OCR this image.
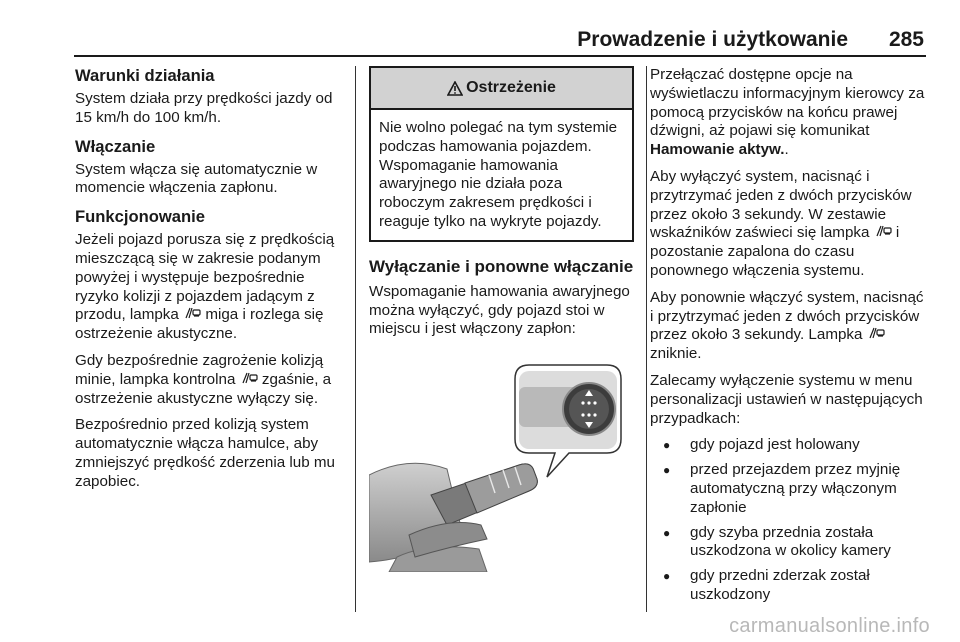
Prowadzenie i użytkowanie 285
Warunki działania

System działa przy prędkości jazdy od 15 km/h do 100 km/h.

Włączanie

System włącza się automatycznie w momencie włączenia zapłonu.

Funkcjonowanie

Jeżeli pojazd porusza się z prędkością mieszczącą się w zakresie podanym powyżej i występuje bezpośrednie ryzyko kolizji z pojazdem jadącym z przodu, lampka miga i rozlega się ostrzeżenie akustyczne.

Gdy bezpośrednie zagrożenie kolizją minie, lampka kontrolna zgaśnie, a ostrzeżenie akustyczne wyłączy się.

Bezpośrednio przed kolizją system automatycznie włącza hamulce, aby zmniejszyć prędkość zderzenia lub mu zapobiec.

Ostrzeżenie
Nie wolno polegać na tym systemie podczas hamowania pojazdem. Wspomaganie hamowania awaryjnego nie działa poza roboczym zakresem prędkości i reaguje tylko na wykryte pojazdy.
Wyłączanie i ponowne włączanie

Wspomaganie hamowania awaryjnego można wyłączyć, gdy pojazd stoi w miejscu i jest włączony zapłon:

Przełączać dostępne opcje na wyświetlaczu informacyjnym kierowcy za pomocą przycisków na końcu prawej dźwigni, aż pojawi się komunikat Hamowanie aktyw..

Aby wyłączyć system, nacisnąć i przytrzymać jeden z dwóch przycisków przez około 3 sekundy. W zestawie wskaźników zaświeci się lampka i pozostanie zapalona do czasu ponownego włączenia systemu.

Aby ponownie włączyć system, nacisnąć i przytrzymać jeden z dwóch przycisków przez około 3 sekundy. Lampka  zniknie.

Zalecamy wyłączenie systemu w menu personalizacji ustawień w następujących przypadkach:

● gdy pojazd jest holowany
● przed przejazdem przez myjnię automatyczną przy włączonym zapłonie
● gdy szyba przednia została uszkodzona w okolicy kamery
● gdy przedni zderzak został uszkodzony
carmanualsonline.info
